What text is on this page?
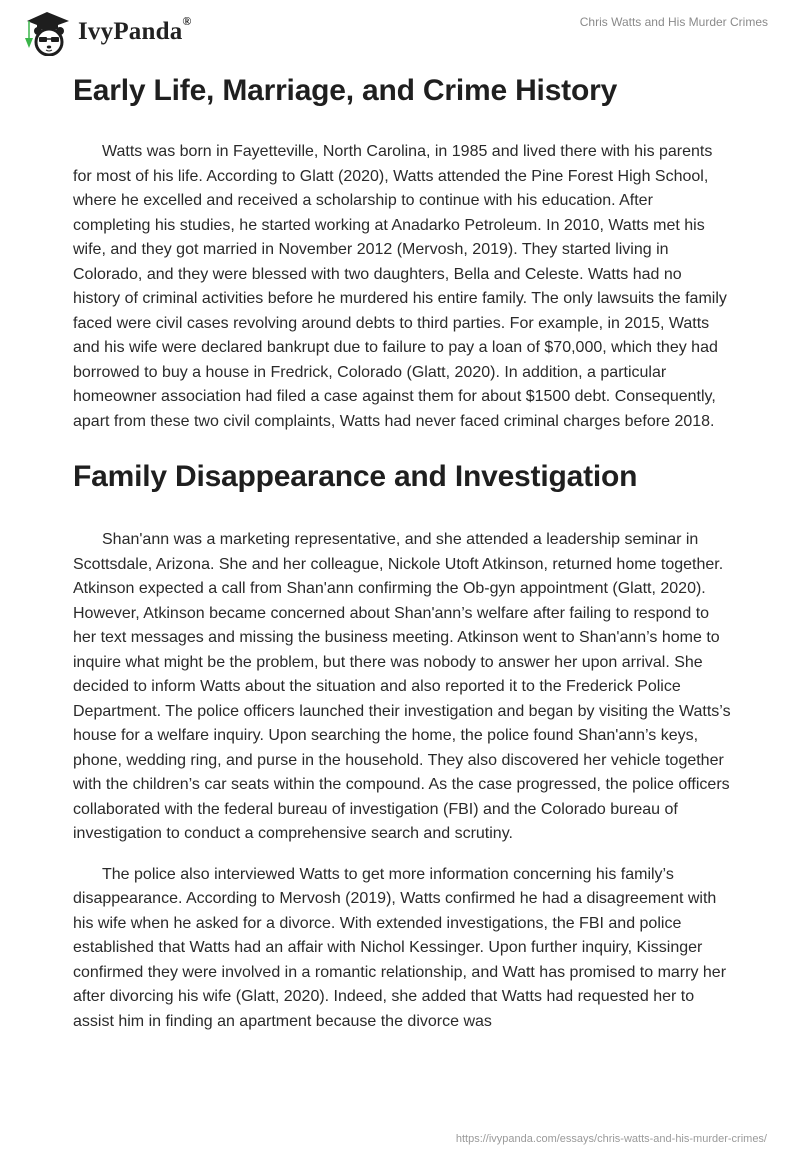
IvyPanda®	Chris Watts and His Murder Crimes
Early Life, Marriage, and Crime History

Watts was born in Fayetteville, North Carolina, in 1985 and lived there with his parents for most of his life. According to Glatt (2020), Watts attended the Pine Forest High School, where he excelled and received a scholarship to continue with his education. After completing his studies, he started working at Anadarko Petroleum. In 2010, Watts met his wife, and they got married in November 2012 (Mervosh, 2019). They started living in Colorado, and they were blessed with two daughters, Bella and Celeste. Watts had no history of criminal activities before he murdered his entire family. The only lawsuits the family faced were civil cases revolving around debts to third parties. For example, in 2015, Watts and his wife were declared bankrupt due to failure to pay a loan of $70,000, which they had borrowed to buy a house in Fredrick, Colorado (Glatt, 2020). In addition, a particular homeowner association had filed a case against them for about $1500 debt. Consequently, apart from these two civil complaints, Watts had never faced criminal charges before 2018.

Family Disappearance and Investigation

Shan'ann was a marketing representative, and she attended a leadership seminar in Scottsdale, Arizona. She and her colleague, Nickole Utoft Atkinson, returned home together. Atkinson expected a call from Shan'ann confirming the Ob-gyn appointment (Glatt, 2020). However, Atkinson became concerned about Shan'ann’s welfare after failing to respond to her text messages and missing the business meeting. Atkinson went to Shan'ann’s home to inquire what might be the problem, but there was nobody to answer her upon arrival. She decided to inform Watts about the situation and also reported it to the Frederick Police Department. The police officers launched their investigation and began by visiting the Watts’s house for a welfare inquiry. Upon searching the home, the police found Shan'ann’s keys, phone, wedding ring, and purse in the household. They also discovered her vehicle together with the children’s car seats within the compound. As the case progressed, the police officers collaborated with the federal bureau of investigation (FBI) and the Colorado bureau of investigation to conduct a comprehensive search and scrutiny.

The police also interviewed Watts to get more information concerning his family’s disappearance. According to Mervosh (2019), Watts confirmed he had a disagreement with his wife when he asked for a divorce. With extended investigations, the FBI and police established that Watts had an affair with Nichol Kessinger. Upon further inquiry, Kissinger confirmed they were involved in a romantic relationship, and Watt has promised to marry her after divorcing his wife (Glatt, 2020). Indeed, she added that Watts had requested her to assist him in finding an apartment because the divorce was

https://ivypanda.com/essays/chris-watts-and-his-murder-crimes/
